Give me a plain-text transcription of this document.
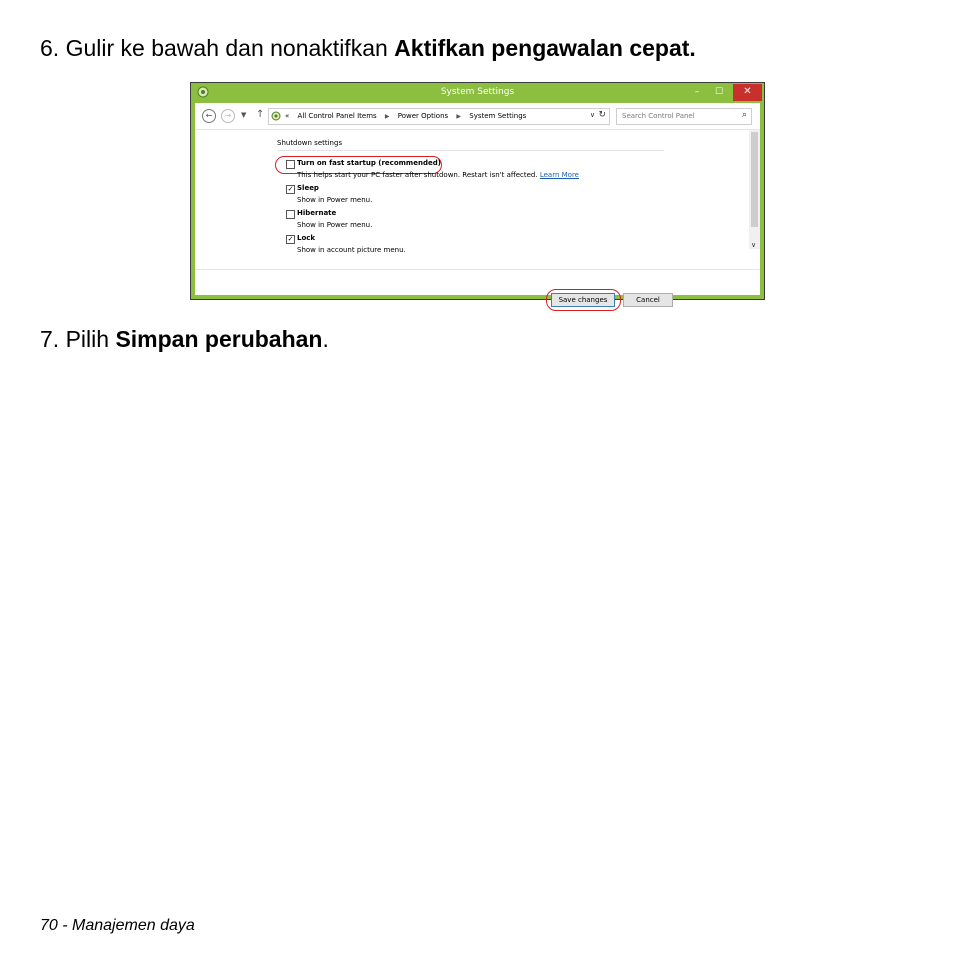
6. Gulir ke bawah dan nonaktifkan Aktifkan pengawalan cepat.
System Settings	–	☐	✕
←	→	▼ ↑	« All Control Panel Items ▶ Power Options ▶ System Settings	∨ ↻ Search Control Panel	⌕
Shutdown settings
Turn on fast startup (recommended)
This helps start your PC faster after shutdown. Restart isn't affected. Learn More
✓ Sleep
Show in Power menu.
Hibernate
Show in Power menu.
✓ Lock
Show in account picture menu.
∨
Save changes	Cancel
7. Pilih Simpan perubahan.
70 - Manajemen daya
